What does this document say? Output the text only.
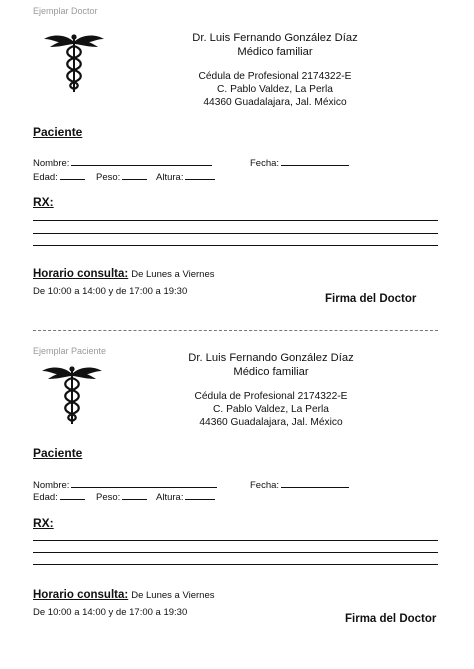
Ejemplar Doctor
Dr. Luis Fernando González Díaz
Médico familiar
Cédula de Profesional 2174322-E
C. Pablo Valdez, La Perla
44360 Guadalajara, Jal. México
Paciente
Nombre:	Fecha:
Edad:	Peso:	Altura:
RX:
Horario consulta: De Lunes a Viernes
De 10:00 a 14:00 y de 17:00 a 19:30
Firma del Doctor
Ejemplar Paciente
Dr. Luis Fernando González Díaz
Médico familiar
Cédula de Profesional 2174322-E
C. Pablo Valdez, La Perla
44360 Guadalajara, Jal. México
Paciente
Nombre:	Fecha:
Edad:	Peso:	Altura:
RX:
Horario consulta: De Lunes a Viernes
De 10:00 a 14:00 y de 17:00 a 19:30
Firma del Doctor
